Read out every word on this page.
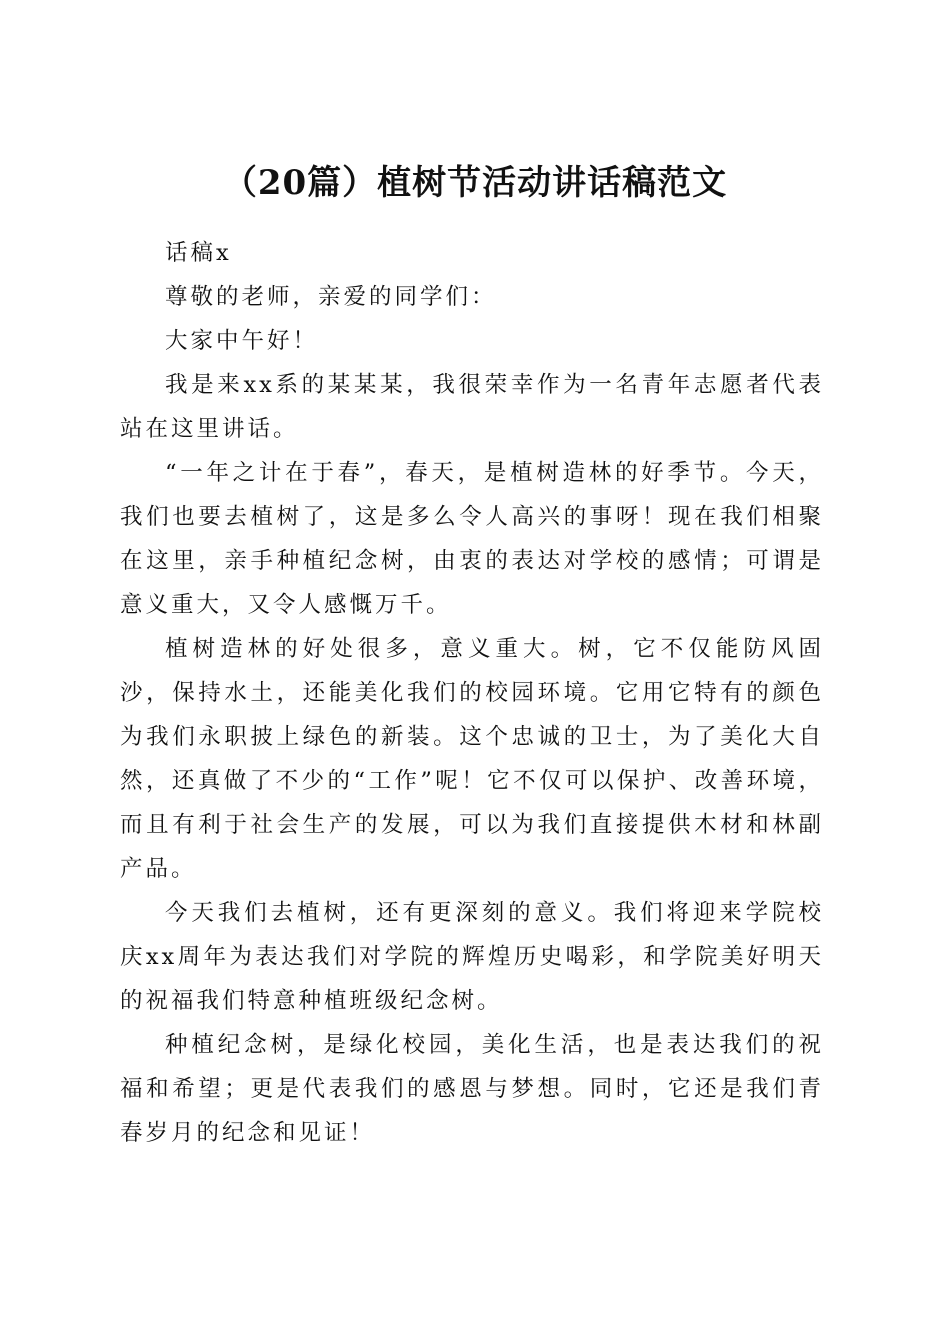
（20篇）植树节活动讲话稿范文

话稿x

尊敬的老师，亲爱的同学们：

大家中午好！

我是来xx系的某某某，我很荣幸作为一名青年志愿者代表站在这里讲话。

“一年之计在于春”，春天，是植树造林的好季节。今天，我们也要去植树了，这是多么令人高兴的事呀！现在我们相聚在这里，亲手种植纪念树，由衷的表达对学校的感情；可谓是意义重大，又令人感慨万千。

植树造林的好处很多，意义重大。树，它不仅能防风固沙，保持水土，还能美化我们的校园环境。它用它特有的颜色为我们永职披上绿色的新装。这个忠诚的卫士，为了美化大自然，还真做了不少的“工作”呢！它不仅可以保护、改善环境，而且有利于社会生产的发展，可以为我们直接提供木材和林副产品。

今天我们去植树，还有更深刻的意义。我们将迎来学院校庆xx周年为表达我们对学院的辉煌历史喝彩，和学院美好明天的祝福我们特意种植班级纪念树。

种植纪念树，是绿化校园，美化生活，也是表达我们的祝福和希望；更是代表我们的感恩与梦想。同时，它还是我们青春岁月的纪念和见证！
